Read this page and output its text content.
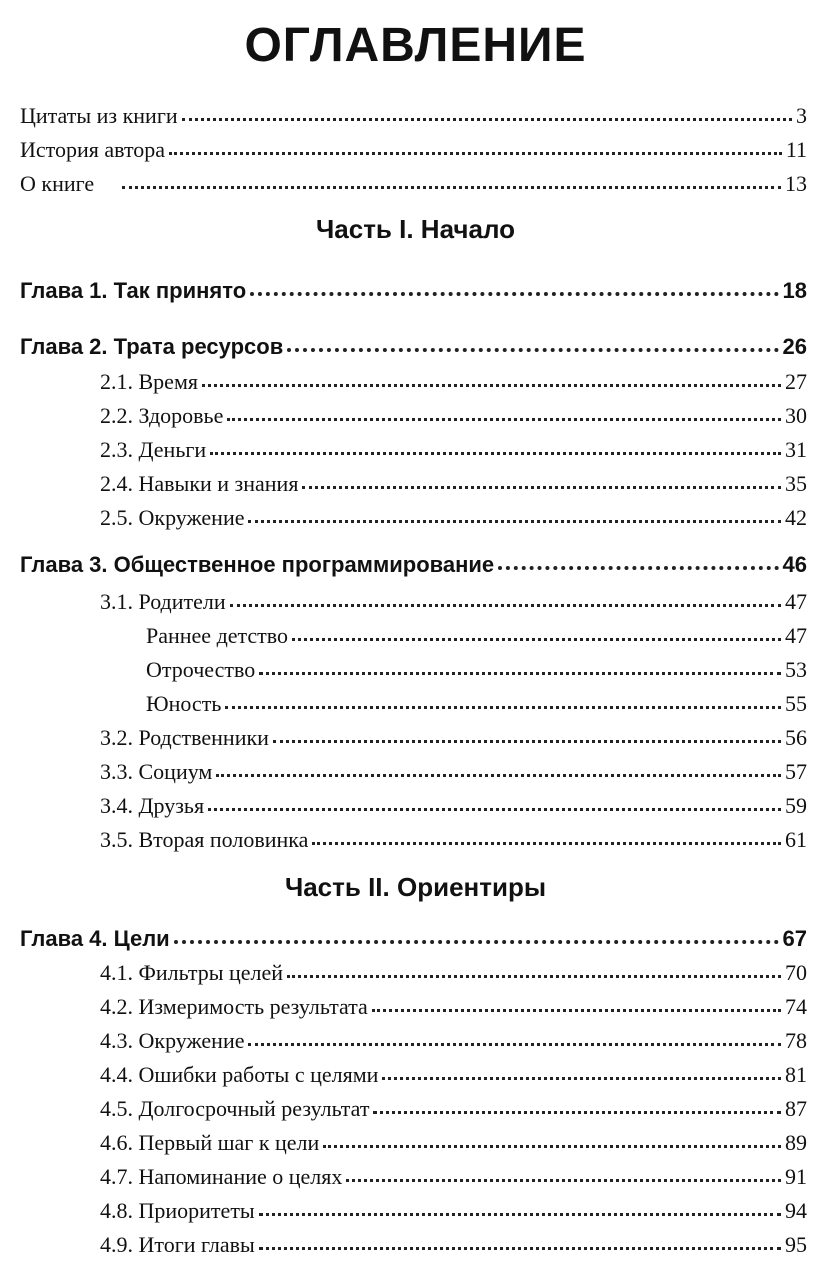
ОГЛАВЛЕНИЕ
Цитаты из книги	3
История автора	11
О книге	13
Часть I. Начало
Глава 1. Так принято	18
Глава 2. Трата ресурсов	26
2.1. Время	27
2.2. Здоровье	30
2.3. Деньги	31
2.4. Навыки и знания	35
2.5. Окружение	42
Глава 3. Общественное программирование	46
3.1. Родители	47
Раннее детство	47
Отрочество	53
Юность	55
3.2. Родственники	56
3.3. Социум	57
3.4. Друзья	59
3.5. Вторая половинка	61
Часть II. Ориентиры
Глава 4. Цели	67
4.1. Фильтры целей	70
4.2. Измеримость результата	74
4.3. Окружение	78
4.4. Ошибки работы с целями	81
4.5. Долгосрочный результат	87
4.6. Первый шаг к цели	89
4.7. Напоминание о целях	91
4.8. Приоритеты	94
4.9. Итоги главы	95
